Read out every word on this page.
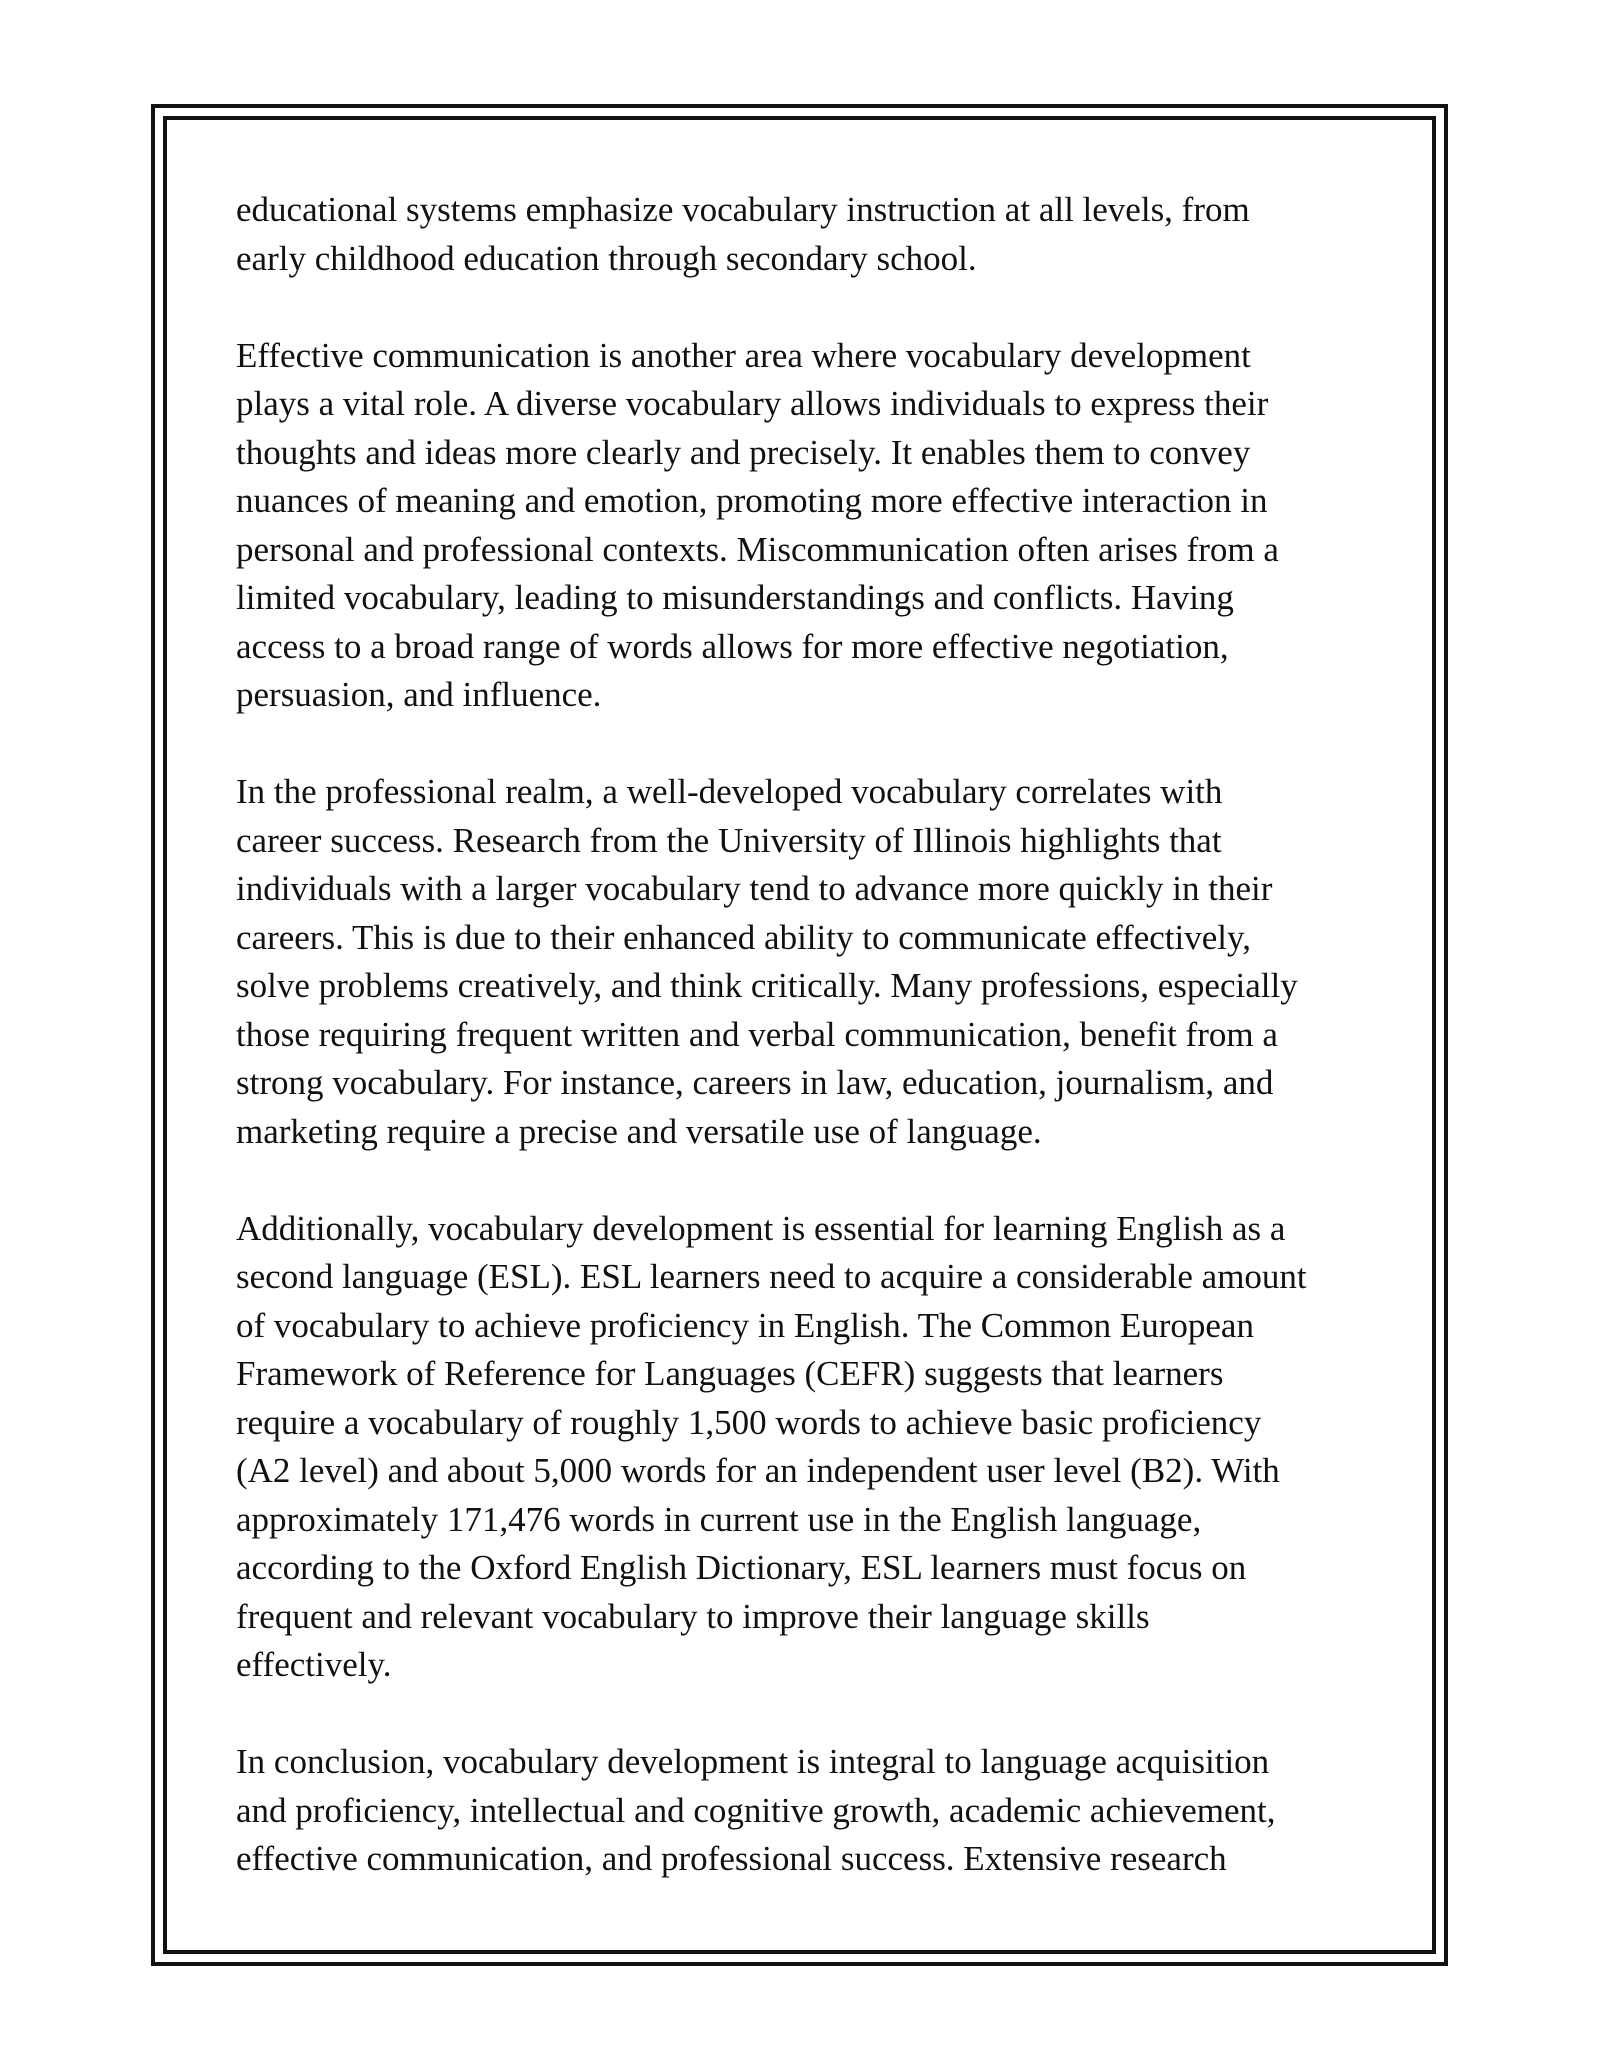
educational systems emphasize vocabulary instruction at all levels, from
early childhood education through secondary school.

Effective communication is another area where vocabulary development
plays a vital role. A diverse vocabulary allows individuals to express their
thoughts and ideas more clearly and precisely. It enables them to convey
nuances of meaning and emotion, promoting more effective interaction in
personal and professional contexts. Miscommunication often arises from a
limited vocabulary, leading to misunderstandings and conflicts. Having
access to a broad range of words allows for more effective negotiation,
persuasion, and influence.

In the professional realm, a well-developed vocabulary correlates with
career success. Research from the University of Illinois highlights that
individuals with a larger vocabulary tend to advance more quickly in their
careers. This is due to their enhanced ability to communicate effectively,
solve problems creatively, and think critically. Many professions, especially
those requiring frequent written and verbal communication, benefit from a
strong vocabulary. For instance, careers in law, education, journalism, and
marketing require a precise and versatile use of language.

Additionally, vocabulary development is essential for learning English as a
second language (ESL). ESL learners need to acquire a considerable amount
of vocabulary to achieve proficiency in English. The Common European
Framework of Reference for Languages (CEFR) suggests that learners
require a vocabulary of roughly 1,500 words to achieve basic proficiency
(A2 level) and about 5,000 words for an independent user level (B2). With
approximately 171,476 words in current use in the English language,
according to the Oxford English Dictionary, ESL learners must focus on
frequent and relevant vocabulary to improve their language skills
effectively.

In conclusion, vocabulary development is integral to language acquisition
and proficiency, intellectual and cognitive growth, academic achievement,
effective communication, and professional success. Extensive research
